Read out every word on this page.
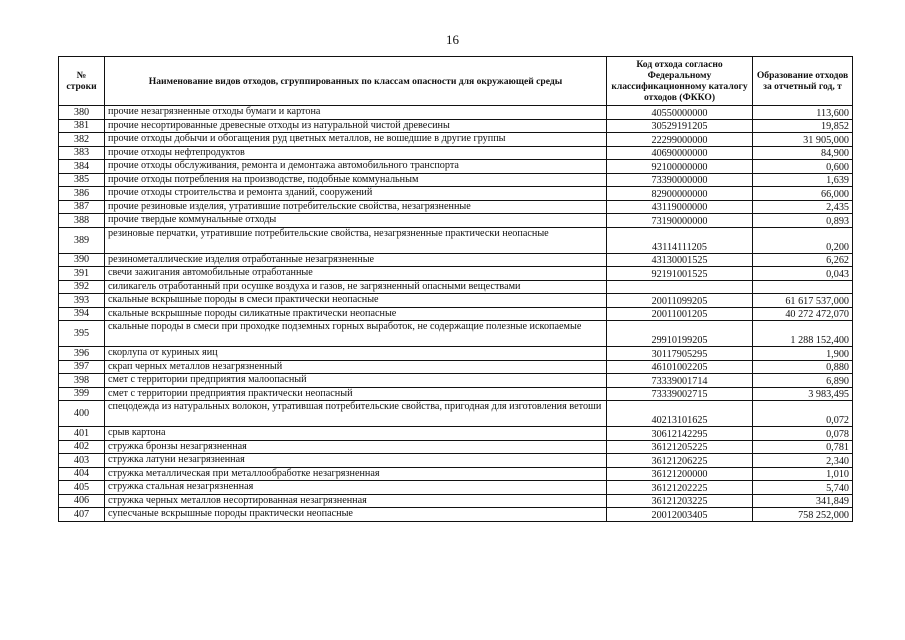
16
№ строки	Наименование видов отходов, сгруппированных по классам опасности для окружающей среды	Код отхода согласно Федеральному классификационному каталогу отходов (ФККО)	Образование отходов за отчетный год, т
380	прочие незагрязненные отходы бумаги и картона	40550000000	113,600
381	прочие несортированные древесные отходы из натуральной чистой древесины	30529191205	19,852
382	прочие отходы добычи и обогащения руд цветных металлов, не вошедшие в другие группы	22299000000	31 905,000
383	прочие отходы нефтепродуктов	40690000000	84,900
384	прочие отходы обслуживания, ремонта и демонтажа автомобильного транспорта	92100000000	0,600
385	прочие отходы потребления на производстве, подобные коммунальным	73390000000	1,639
386	прочие отходы строительства и ремонта зданий, сооружений	82900000000	66,000
387	прочие резиновые изделия, утратившие потребительские свойства, незагрязненные	43119000000	2,435
388	прочие твердые коммунальные отходы	73190000000	0,893
389	резиновые перчатки, утратившие потребительские свойства, незагрязненные практически неопасные	43114111205	0,200
390	резинометаллические изделия отработанные незагрязненные	43130001525	6,262
391	свечи зажигания автомобильные отработанные	92191001525	0,043
392	силикагель отработанный при осушке воздуха и газов, не загрязненный опасными веществами		
393	скальные вскрышные породы в смеси практически неопасные	20011099205	61 617 537,000
394	скальные вскрышные породы силикатные практически неопасные	20011001205	40 272 472,070
395	скальные породы в смеси при проходке подземных горных выработок, не содержащие полезные ископаемые	29910199205	1 288 152,400
396	скорлупа от куриных яиц	30117905295	1,900
397	скрап черных металлов незагрязненный	46101002205	0,880
398	смет с территории предприятия малоопасный	73339001714	6,890
399	смет с территории предприятия практически неопасный	73339002715	3 983,495
400	спецодежда из натуральных волокон, утратившая потребительские свойства, пригодная для изготовления ветоши	40213101625	0,072
401	срыв картона	30612142295	0,078
402	стружка бронзы незагрязненная	36121205225	0,781
403	стружка латуни незагрязненная	36121206225	2,340
404	стружка металлическая при металлообработке незагрязненная	36121200000	1,010
405	стружка стальная незагрязненная	36121202225	5,740
406	стружка черных металлов несортированная незагрязненная	36121203225	341,849
407	супесчаные вскрышные породы практически неопасные	20012003405	758 252,000
